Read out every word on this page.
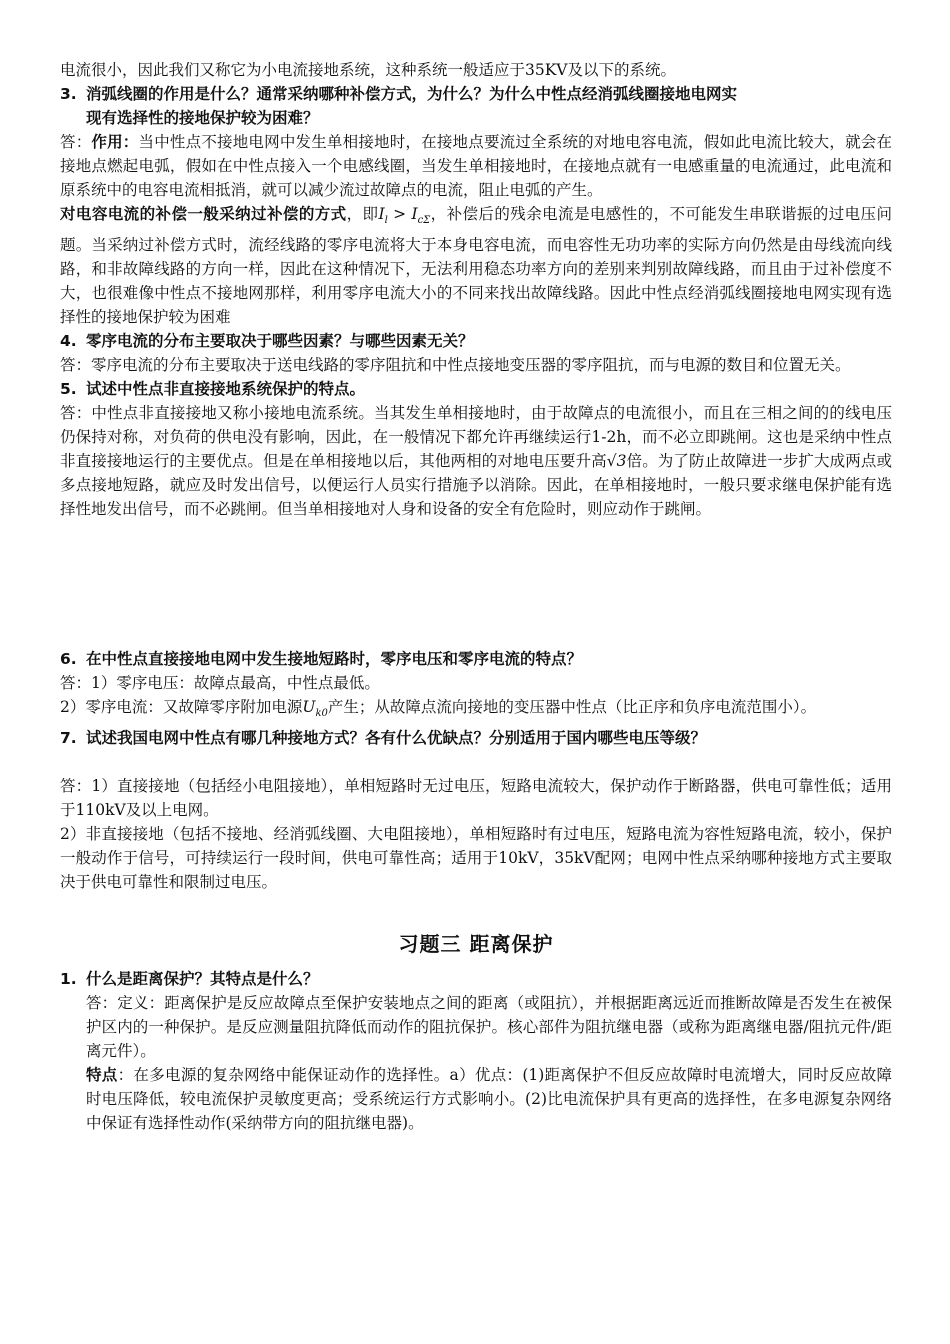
电流很小，因此我们又称它为小电流接地系统，这种系统一般适应于35KV及以下的系统。

3. 消弧线圈的作用是什么？通常采纳哪种补偿方式，为什么？为什么中性点经消弧线圈接地电网实
现有选择性的接地保护较为困难？

答：作用：当中性点不接地电网中发生单相接地时，在接地点要流过全系统的对地电容电流，假如此电流比较大，就会在接地点燃起电弧，假如在中性点接入一个电感线圈，当发生单相接地时，在接地点就有一电感重量的电流通过，此电流和原系统中的电容电流相抵消，就可以减少流过故障点的电流，阻止电弧的产生。

对电容电流的补偿一般采纳过补偿的方式，即$I_l > I_{c\Sigma}$，补偿后的残余电流是电感性的，不可能发生串联谐振的过电压问题。当采纳过补偿方式时，流经线路的零序电流将大于本身电容电流，而电容性无功功率的实际方向仍然是由母线流向线路，和非故障线路的方向一样，因此在这种情况下，无法利用稳态功率方向的差别来判别故障线路，而且由于过补偿度不大，也很难像中性点不接地网那样，利用零序电流大小的不同来找出故障线路。因此中性点经消弧线圈接地电网实现有选择性的接地保护较为困难

4. 零序电流的分布主要取决于哪些因素？与哪些因素无关？

答：零序电流的分布主要取决于送电线路的零序阻抗和中性点接地变压器的零序阻抗，而与电源的数目和位置无关。

5. 试述中性点非直接接地系统保护的特点。

答：中性点非直接接地又称小接地电流系统。当其发生单相接地时，由于故障点的电流很小，而且在三相之间的的线电压仍保持对称，对负荷的供电没有影响，因此，在一般情况下都允许再继续运行1-2h，而不必立即跳闸。这也是采纳中性点非直接接地运行的主要优点。但是在单相接地以后，其他两相的对地电压要升高√3倍。为了防止故障进一步扩大成两点或多点接地短路，就应及时发出信号，以便运行人员实行措施予以消除。因此，在单相接地时，一般只要求继电保护能有选择性地发出信号，而不必跳闸。但当单相接地对人身和设备的安全有危险时，则应动作于跳闸。

6. 在中性点直接接地电网中发生接地短路时，零序电压和零序电流的特点？

答：1）零序电压：故障点最高，中性点最低。

2）零序电流：又故障零序附加电源$U_{k0}$产生；从故障点流向接地的变压器中性点（比正序和负序电流范围小）。

7. 试述我国电网中性点有哪几种接地方式？各有什么优缺点？分别适用于国内哪些电压等级？

答：1）直接接地（包括经小电阻接地），单相短路时无过电压，短路电流较大，保护动作于断路器，供电可靠性低；适用于110kV及以上电网。

2）非直接接地（包括不接地、经消弧线圈、大电阻接地），单相短路时有过电压，短路电流为容性短路电流，较小，保护一般动作于信号，可持续运行一段时间，供电可靠性高；适用于10kV，35kV配网；电网中性点采纳哪种接地方式主要取决于供电可靠性和限制过电压。

习题三 距离保护
1. 什么是距离保护？其特点是什么？

答：定义：距离保护是反应故障点至保护安装地点之间的距离（或阻抗），并根据距离远近而推断故障是否发生在被保护区内的一种保护。是反应测量阻抗降低而动作的阻抗保护。核心部件为阻抗继电器（或称为距离继电器/阻抗元件/距离元件）。

特点：在多电源的复杂网络中能保证动作的选择性。a）优点：(1)距离保护不但反应故障时电流增大，同时反应故障时电压降低，较电流保护灵敏度更高；受系统运行方式影响小。(2)比电流保护具有更高的选择性，在多电源复杂网络中保证有选择性动作(采纳带方向的阻抗继电器)。
